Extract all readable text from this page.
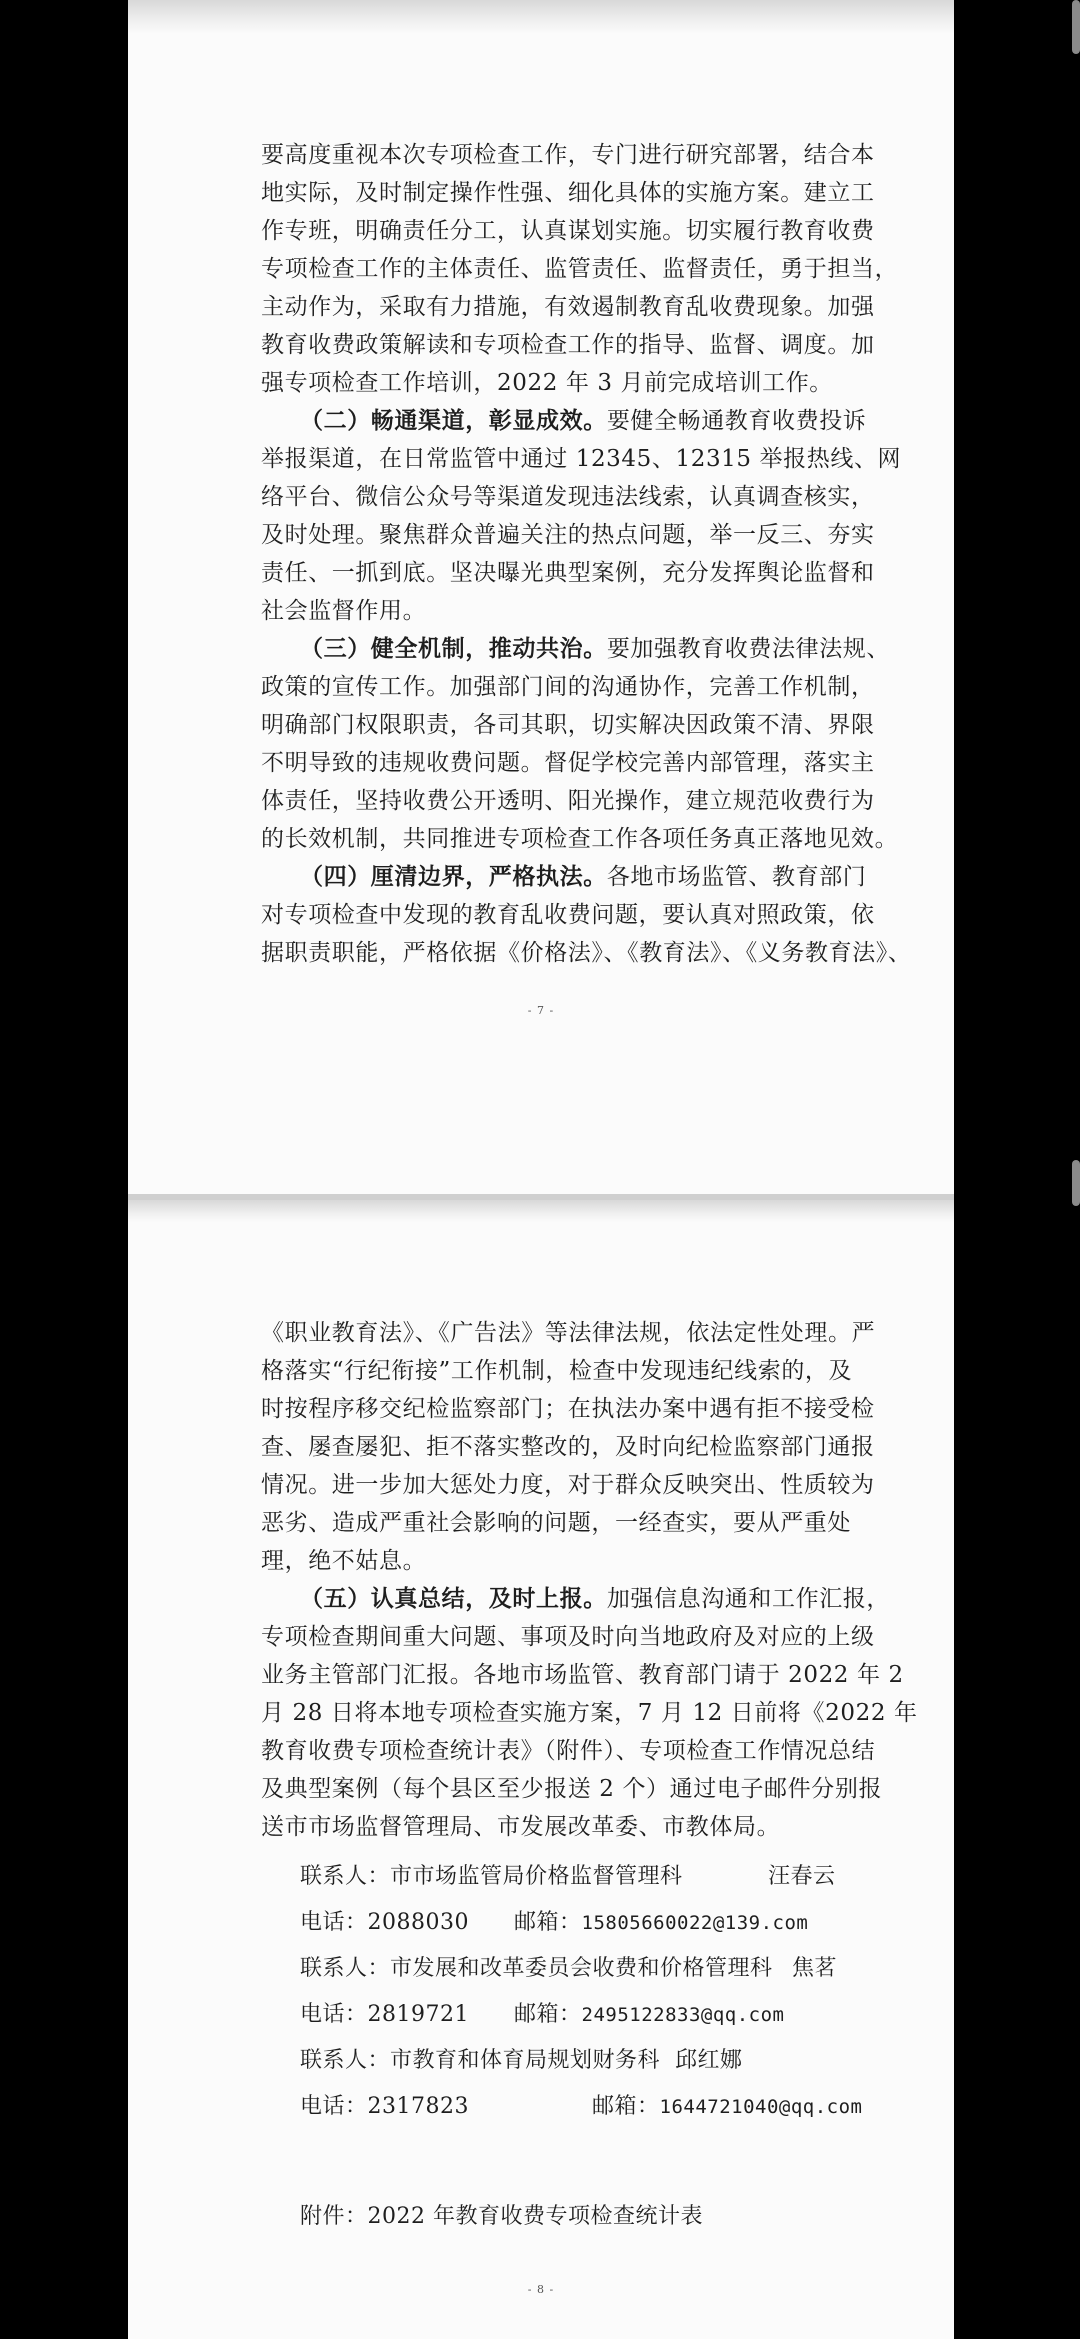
要高度重视本次专项检查工作，专门进行研究部署，结合本
地实际，及时制定操作性强、细化具体的实施方案。建立工
作专班，明确责任分工，认真谋划实施。切实履行教育收费
专项检查工作的主体责任、监管责任、监督责任，勇于担当，
主动作为，采取有力措施，有效遏制教育乱收费现象。加强
教育收费政策解读和专项检查工作的指导、监督、调度。加
强专项检查工作培训，2022 年 3 月前完成培训工作。
（二）畅通渠道，彰显成效。要健全畅通教育收费投诉
举报渠道，在日常监管中通过 12345、12315 举报热线、网
络平台、微信公众号等渠道发现违法线索，认真调查核实，
及时处理。聚焦群众普遍关注的热点问题，举一反三、夯实
责任、一抓到底。坚决曝光典型案例，充分发挥舆论监督和
社会监督作用。
（三）健全机制，推动共治。要加强教育收费法律法规、
政策的宣传工作。加强部门间的沟通协作，完善工作机制，
明确部门权限职责，各司其职，切实解决因政策不清、界限
不明导致的违规收费问题。督促学校完善内部管理，落实主
体责任，坚持收费公开透明、阳光操作，建立规范收费行为
的长效机制，共同推进专项检查工作各项任务真正落地见效。
（四）厘清边界，严格执法。各地市场监管、教育部门
对专项检查中发现的教育乱收费问题，要认真对照政策，依
据职责职能，严格依据《价格法》、《教育法》、《义务教育法》、
- 7 -
《职业教育法》、《广告法》等法律法规，依法定性处理。严
格落实“行纪衔接”工作机制，检查中发现违纪线索的，及
时按程序移交纪检监察部门；在执法办案中遇有拒不接受检
查、屡查屡犯、拒不落实整改的，及时向纪检监察部门通报
情况。进一步加大惩处力度，对于群众反映突出、性质较为
恶劣、造成严重社会影响的问题，一经查实，要从严重处
理，绝不姑息。
（五）认真总结，及时上报。加强信息沟通和工作汇报，
专项检查期间重大问题、事项及时向当地政府及对应的上级
业务主管部门汇报。各地市场监管、教育部门请于 2022 年 2
月 28 日将本地专项检查实施方案，7 月 12 日前将《2022 年
教育收费专项检查统计表》（附件）、专项检查工作情况总结
及典型案例（每个县区至少报送 2 个）通过电子邮件分别报
送市市场监督管理局、市发展改革委、市教体局。
联系人：市市场监管局价格监督管理科	汪春云
电话：2088030 邮箱：15805660022@139.com
联系人：市发展和改革委员会收费和价格管理科 焦茗
电话：2819721 邮箱：2495122833@qq.com
联系人：市教育和体育局规划财务科 邱红娜
电话：2317823	邮箱：1644721040@qq.com
附件：2022 年教育收费专项检查统计表
- 8 -
